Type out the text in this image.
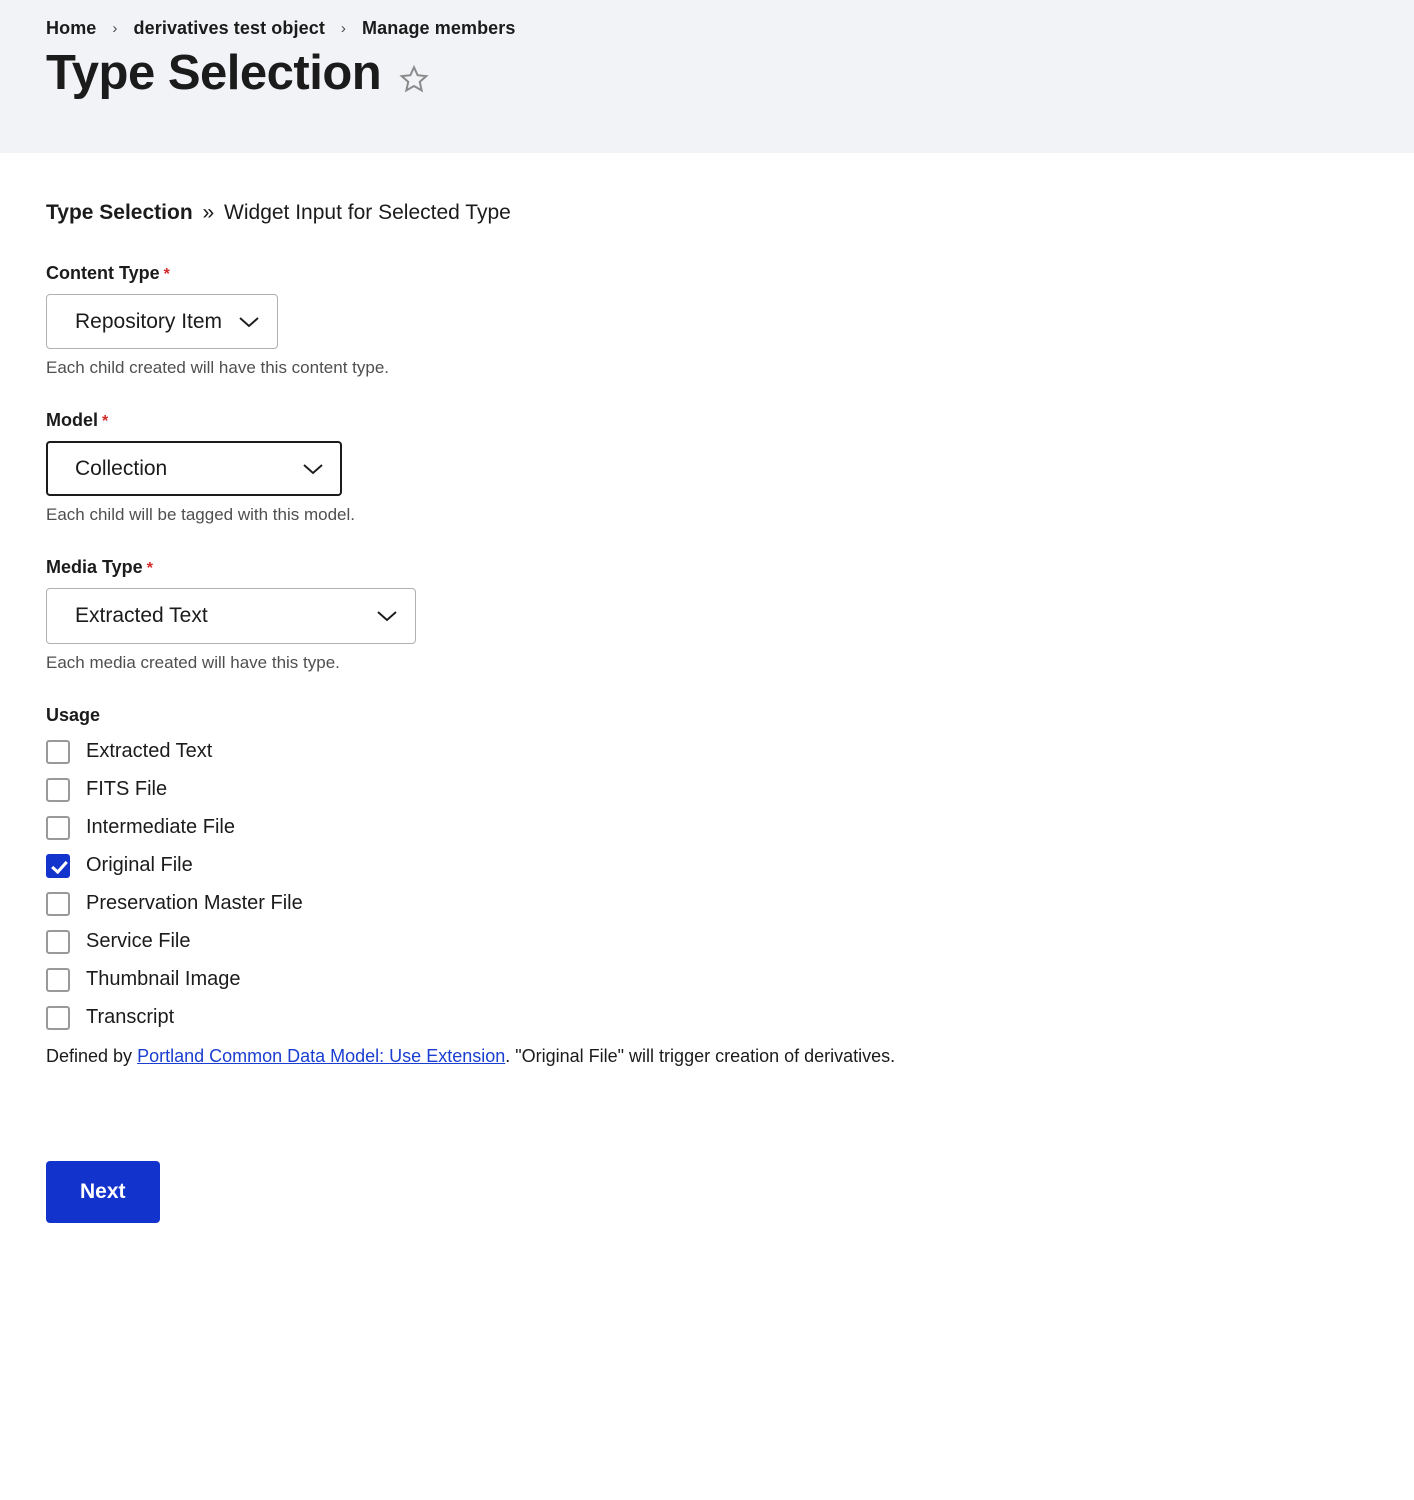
Home › derivatives test object › Manage members
Type Selection
Type Selection » Widget Input for Selected Type
Content Type *
Repository Item
Each child created will have this content type.
Model *
Collection
Each child will be tagged with this model.
Media Type *
Extracted Text
Each media created will have this type.
Usage
Extracted Text
FITS File
Intermediate File
Original File
Preservation Master File
Service File
Thumbnail Image
Transcript
Defined by Portland Common Data Model: Use Extension. "Original File" will trigger creation of derivatives.
Next
